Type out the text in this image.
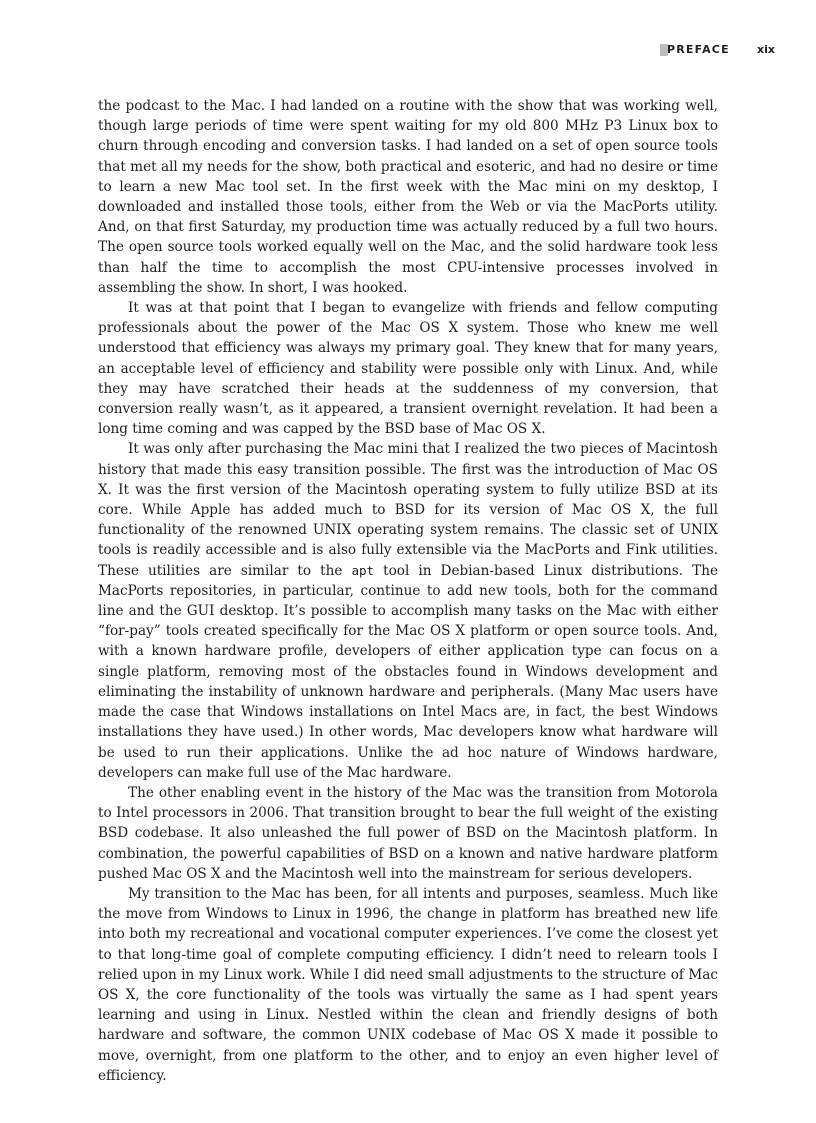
PREFACE xix

the podcast to the Mac. I had landed on a routine with the show that was working well, though large periods of time were spent waiting for my old 800 MHz P3 Linux box to churn through encoding and conversion tasks. I had landed on a set of open source tools that met all my needs for the show, both practical and esoteric, and had no desire or time to learn a new Mac tool set. In the first week with the Mac mini on my desktop, I downloaded and installed those tools, either from the Web or via the MacPorts utility. And, on that first Saturday, my production time was actually reduced by a full two hours. The open source tools worked equally well on the Mac, and the solid hardware took less than half the time to accomplish the most CPU-intensive processes involved in assembling the show. In short, I was hooked.

It was at that point that I began to evangelize with friends and fellow computing professionals about the power of the Mac OS X system. Those who knew me well understood that efficiency was always my primary goal. They knew that for many years, an acceptable level of efficiency and stability were possible only with Linux. And, while they may have scratched their heads at the suddenness of my conversion, that conversion really wasn’t, as it appeared, a transient overnight revelation. It had been a long time coming and was capped by the BSD base of Mac OS X.

It was only after purchasing the Mac mini that I realized the two pieces of Macintosh history that made this easy transition possible. The first was the introduction of Mac OS X. It was the first version of the Macintosh operating system to fully utilize BSD at its core. While Apple has added much to BSD for its version of Mac OS X, the full functionality of the renowned UNIX operating system remains. The classic set of UNIX tools is readily accessible and is also fully extensible via the MacPorts and Fink utilities. These utilities are similar to the apt tool in Debian-based Linux distributions. The MacPorts repositories, in particular, continue to add new tools, both for the command line and the GUI desktop. It’s possible to accomplish many tasks on the Mac with either “for-pay” tools created specifically for the Mac OS X platform or open source tools. And, with a known hardware profile, developers of either application type can focus on a single platform, removing most of the obstacles found in Windows development and eliminating the instability of unknown hardware and peripherals. (Many Mac users have made the case that Windows installations on Intel Macs are, in fact, the best Windows installations they have used.) In other words, Mac developers know what hardware will be used to run their applications. Unlike the ad hoc nature of Windows hardware, developers can make full use of the Mac hardware.

The other enabling event in the history of the Mac was the transition from Motorola to Intel processors in 2006. That transition brought to bear the full weight of the existing BSD codebase. It also unleashed the full power of BSD on the Macintosh platform. In combination, the powerful capabilities of BSD on a known and native hardware platform pushed Mac OS X and the Macintosh well into the mainstream for serious developers.

My transition to the Mac has been, for all intents and purposes, seamless. Much like the move from Windows to Linux in 1996, the change in platform has breathed new life into both my recreational and vocational computer experiences. I’ve come the closest yet to that long-time goal of complete computing efficiency. I didn’t need to relearn tools I relied upon in my Linux work. While I did need small adjustments to the structure of Mac OS X, the core functionality of the tools was virtually the same as I had spent years learning and using in Linux. Nestled within the clean and friendly designs of both hardware and software, the common UNIX codebase of Mac OS X made it possible to move, overnight, from one platform to the other, and to enjoy an even higher level of efficiency.
